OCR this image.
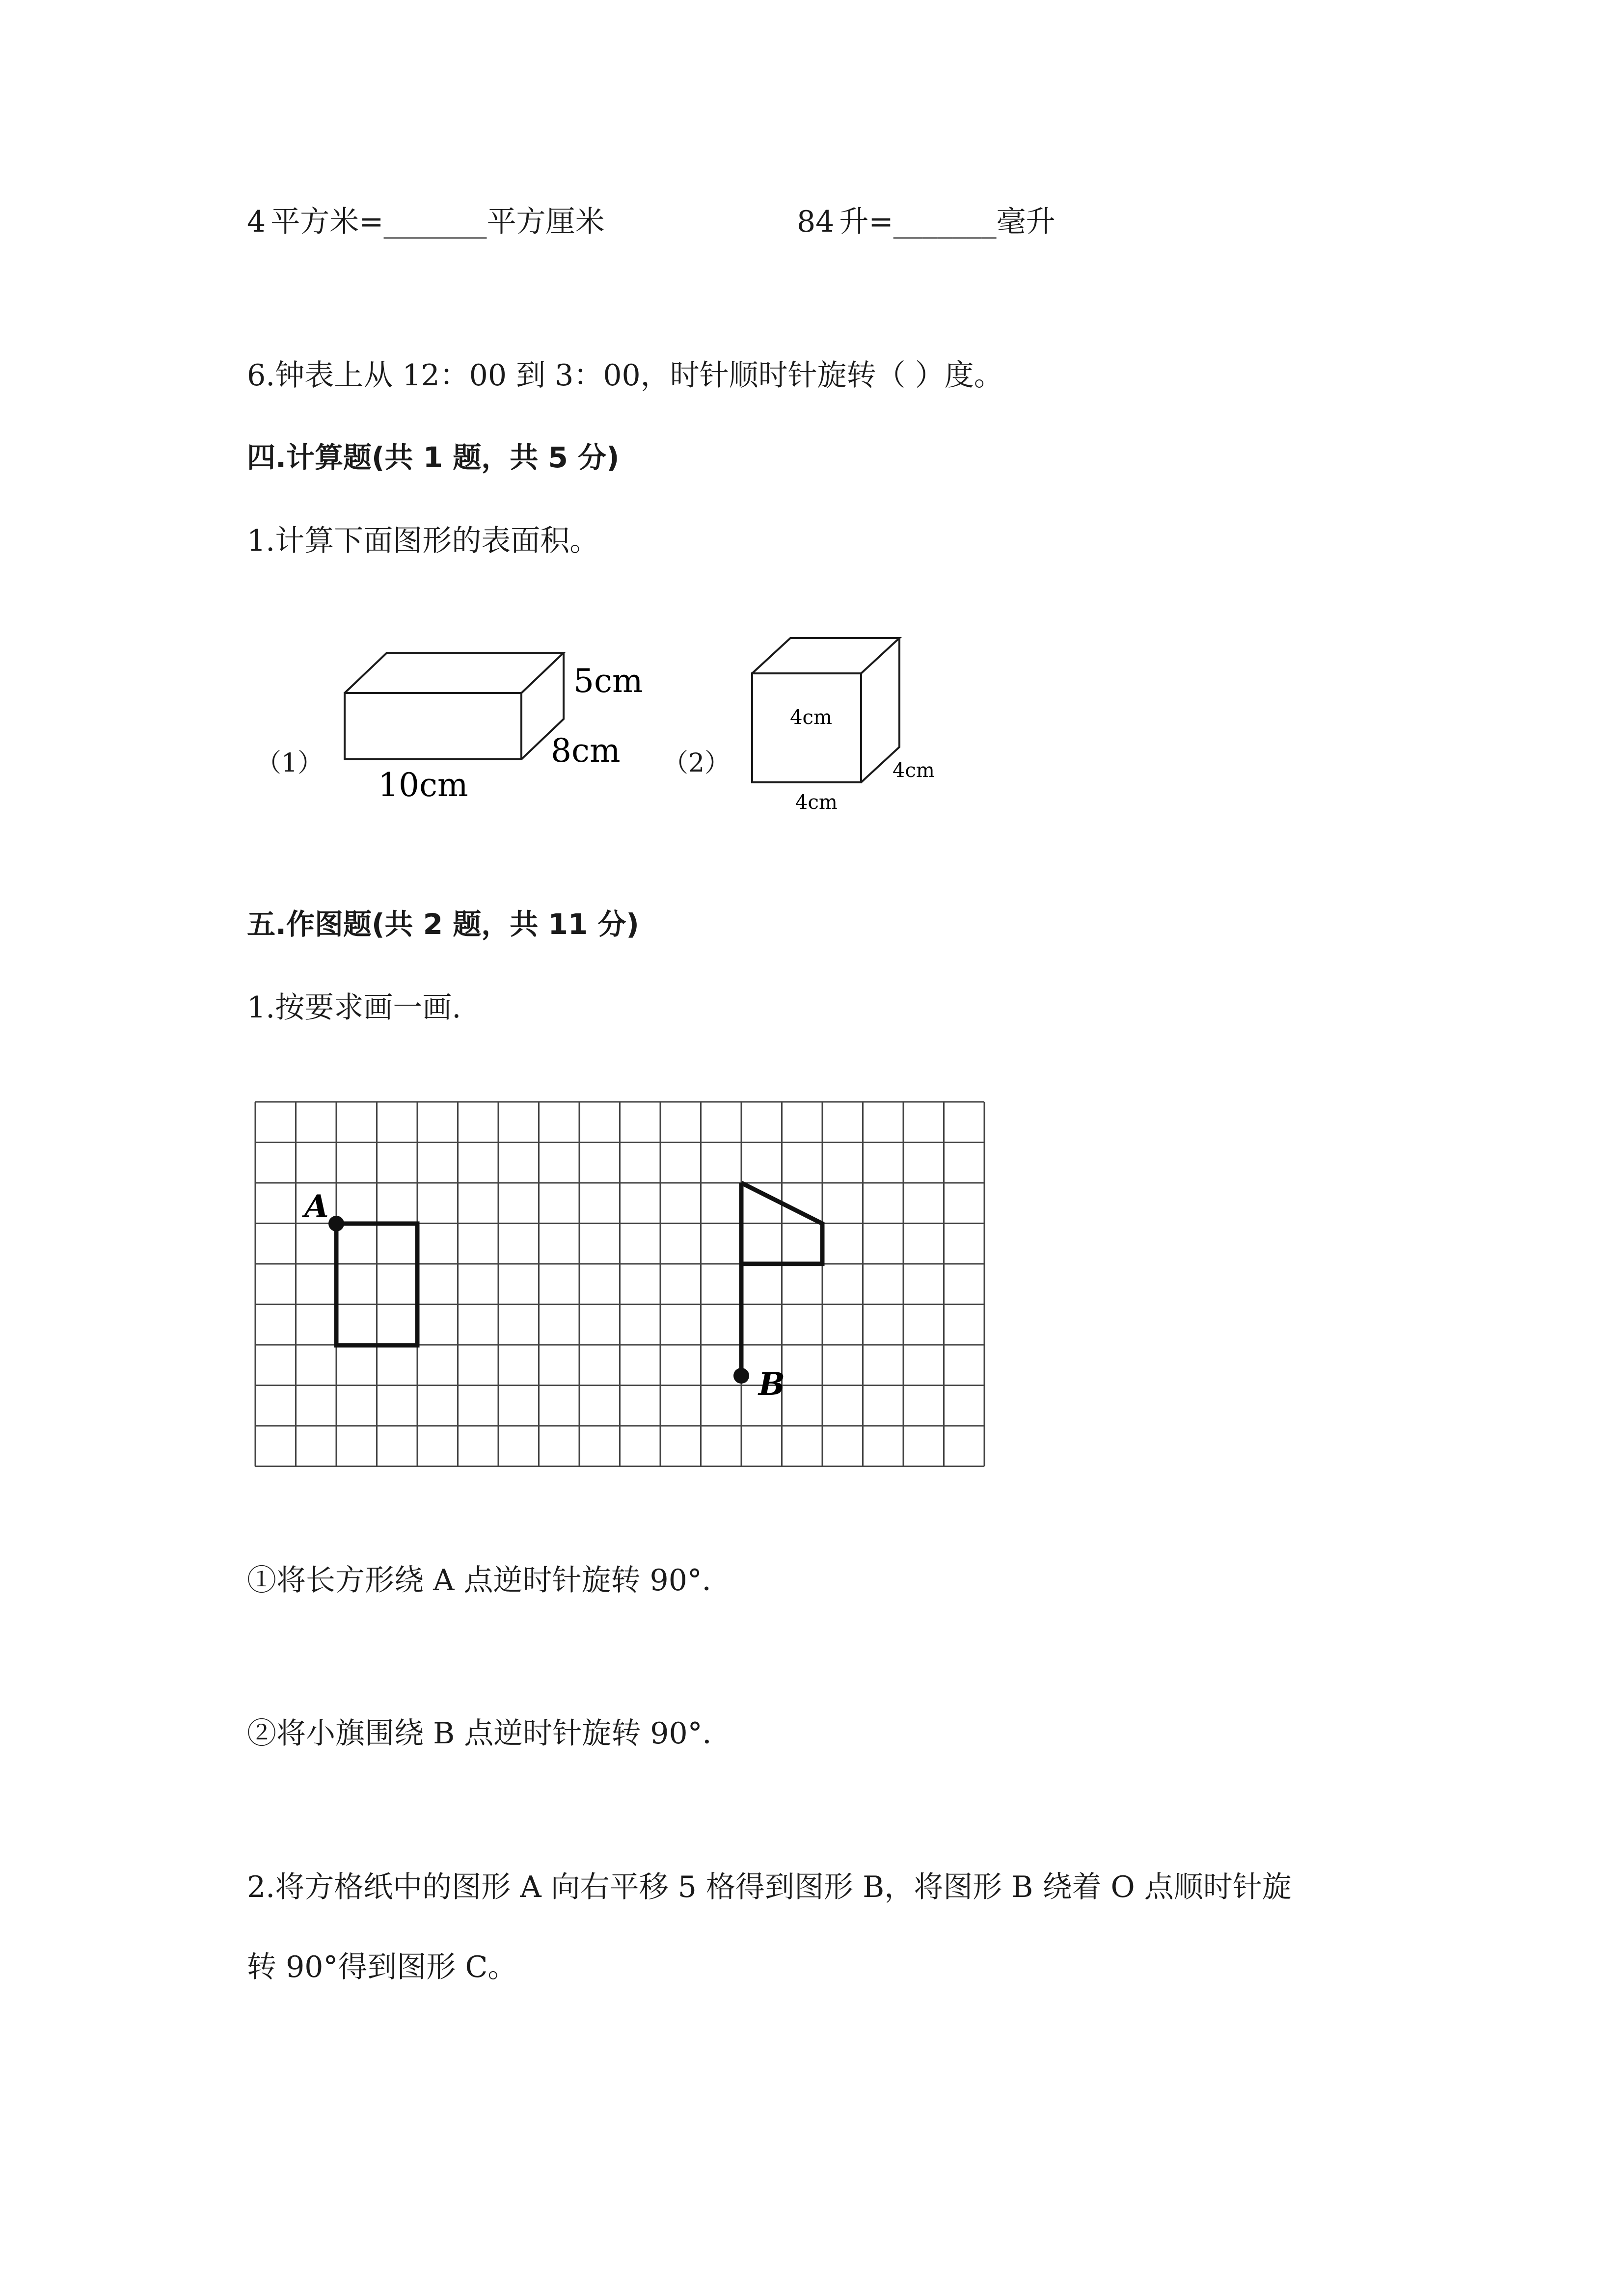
4 平方米=_______平方厘米	84 升=_______毫升
6.钟表上从 12：00 到 3：00，时针顺时针旋转（ ）度。
四.计算题(共 1 题，共 5 分)
1.计算下面图形的表面积。
（1）
5cm
8cm
10cm
（2）
4cm
4cm
4cm
五.作图题(共 2 题，共 11 分)
1.按要求画一画.
A
B
①将长方形绕 A 点逆时针旋转 90°．
②将小旗围绕 B 点逆时针旋转 90°．
2.将方格纸中的图形 A 向右平移 5 格得到图形 B，将图形 B 绕着 O 点顺时针旋
转 90°得到图形 C。
